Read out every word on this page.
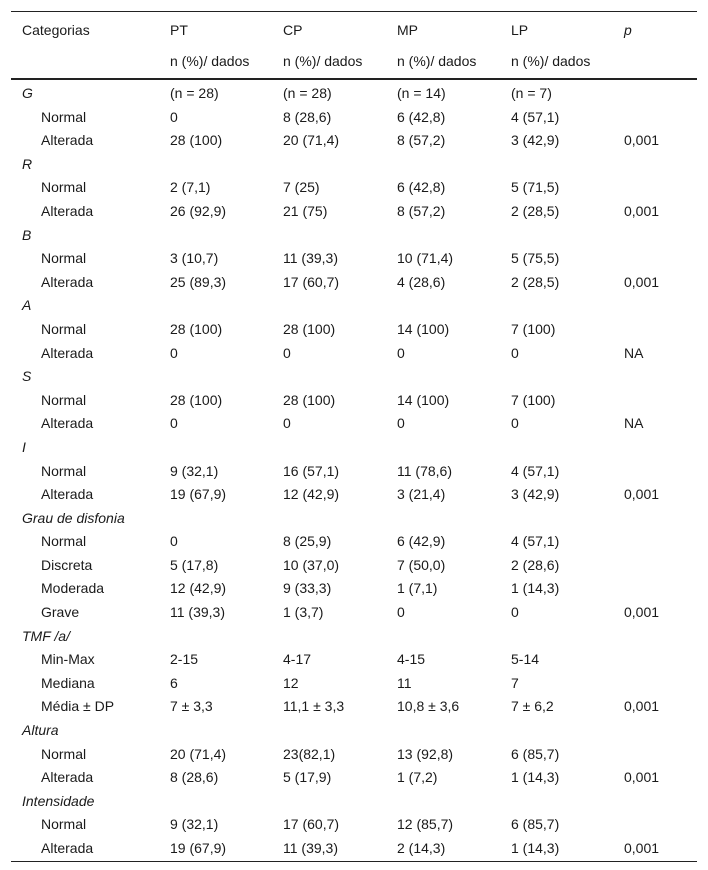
Categorias	PT	CP	MP	LP	p
	n (%)/ dados	n (%)/ dados	n (%)/ dados	n (%)/ dados	
G	(n = 28)	(n = 28)	(n = 14)	(n = 7)	
Normal	0	8 (28,6)	6 (42,8)	4 (57,1)	
Alterada	28 (100)	20 (71,4)	8 (57,2)	3 (42,9)	0,001
R					
Normal	2 (7,1)	7 (25)	6 (42,8)	5 (71,5)	
Alterada	26 (92,9)	21 (75)	8 (57,2)	2 (28,5)	0,001
B					
Normal	3 (10,7)	11 (39,3)	10 (71,4)	5 (75,5)	
Alterada	25 (89,3)	17 (60,7)	4 (28,6)	2 (28,5)	0,001
A					
Normal	28 (100)	28 (100)	14 (100)	7 (100)	
Alterada	0	0	0	0	NA
S					
Normal	28 (100)	28 (100)	14 (100)	7 (100)	
Alterada	0	0	0	0	NA
I					
Normal	9 (32,1)	16 (57,1)	11 (78,6)	4 (57,1)	
Alterada	19 (67,9)	12 (42,9)	3 (21,4)	3 (42,9)	0,001
Grau de disfonia					
Normal	0	8 (25,9)	6 (42,9)	4 (57,1)	
Discreta	5 (17,8)	10 (37,0)	7 (50,0)	2 (28,6)	
Moderada	12 (42,9)	9 (33,3)	1 (7,1)	1 (14,3)	
Grave	11 (39,3)	1 (3,7)	0	0	0,001
TMF /a/					
Min-Max	2-15	4-17	4-15	5-14	
Mediana	6	12	11	7	
Média ± DP	7 ± 3,3	11,1 ± 3,3	10,8 ± 3,6	7 ± 6,2	0,001
Altura					
Normal	20 (71,4)	23(82,1)	13 (92,8)	6 (85,7)	
Alterada	8 (28,6)	5 (17,9)	1 (7,2)	1 (14,3)	0,001
Intensidade					
Normal	9 (32,1)	17 (60,7)	12 (85,7)	6 (85,7)	
Alterada	19 (67,9)	11 (39,3)	2 (14,3)	1 (14,3)	0,001
